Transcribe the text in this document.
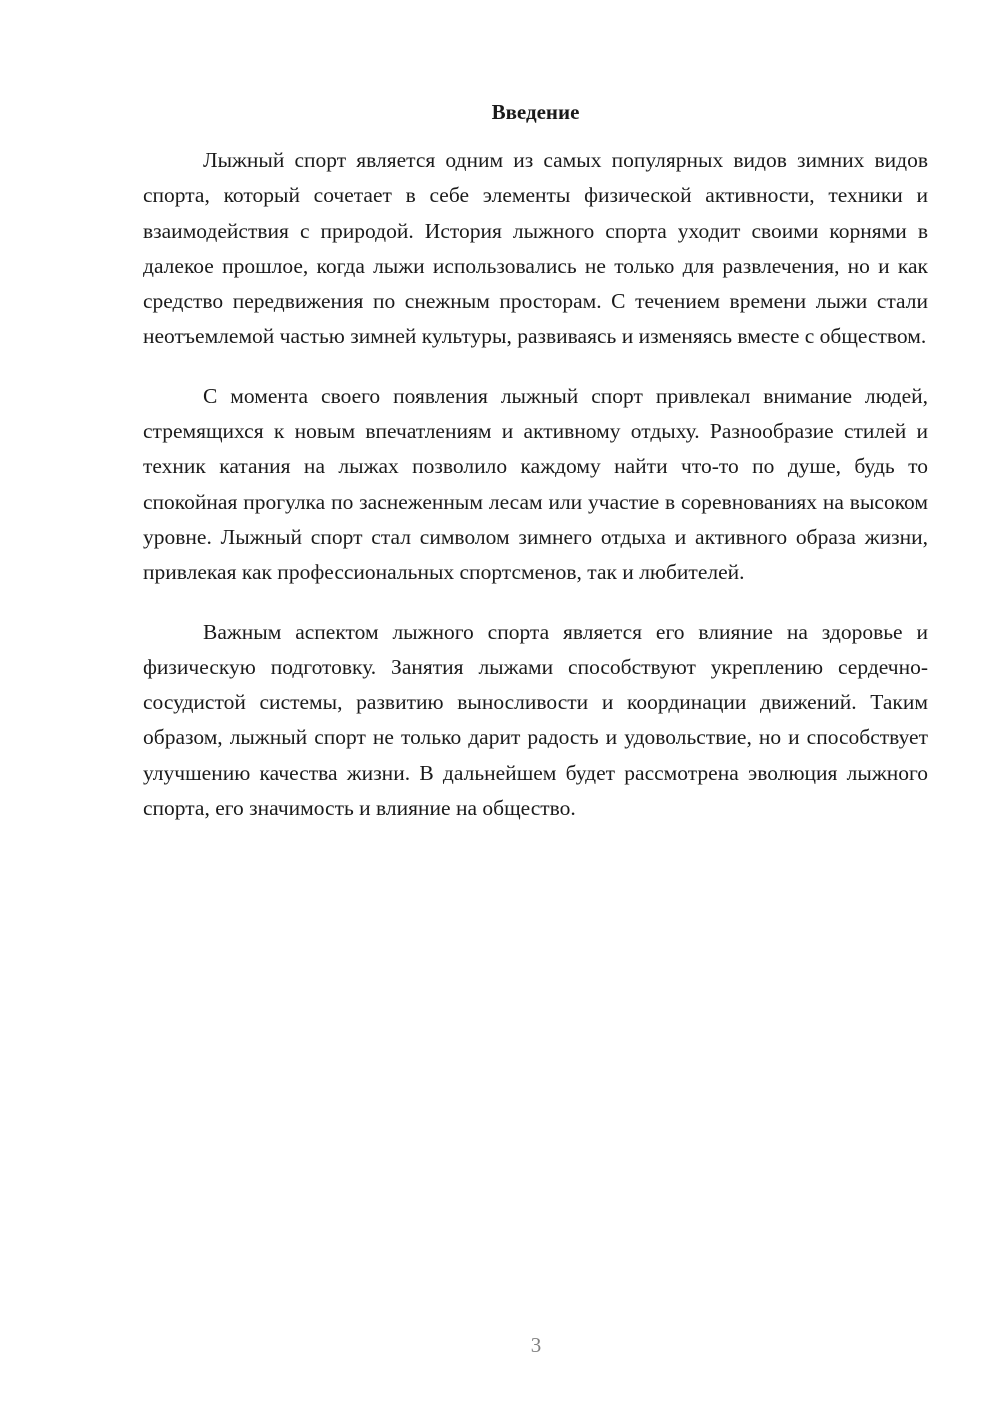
Введение

Лыжный спорт является одним из самых популярных видов зимних видов спорта, который сочетает в себе элементы физической активности, техники и взаимодействия с природой. История лыжного спорта уходит своими корнями в далекое прошлое, когда лыжи использовались не только для развлечения, но и как средство передвижения по снежным просторам. С течением времени лыжи стали неотъемлемой частью зимней культуры, развиваясь и изменяясь вместе с обществом.

С момента своего появления лыжный спорт привлекал внимание людей, стремящихся к новым впечатлениям и активному отдыху. Разнообразие стилей и техник катания на лыжах позволило каждому найти что-то по душе, будь то спокойная прогулка по заснеженным лесам или участие в соревнованиях на высоком уровне. Лыжный спорт стал символом зимнего отдыха и активного образа жизни, привлекая как профессиональных спортсменов, так и любителей.

Важным аспектом лыжного спорта является его влияние на здоровье и физическую подготовку. Занятия лыжами способствуют укреплению сердечно-сосудистой системы, развитию выносливости и координации движений. Таким образом, лыжный спорт не только дарит радость и удовольствие, но и способствует улучшению качества жизни. В дальнейшем будет рассмотрена эволюция лыжного спорта, его значимость и влияние на общество.

3
